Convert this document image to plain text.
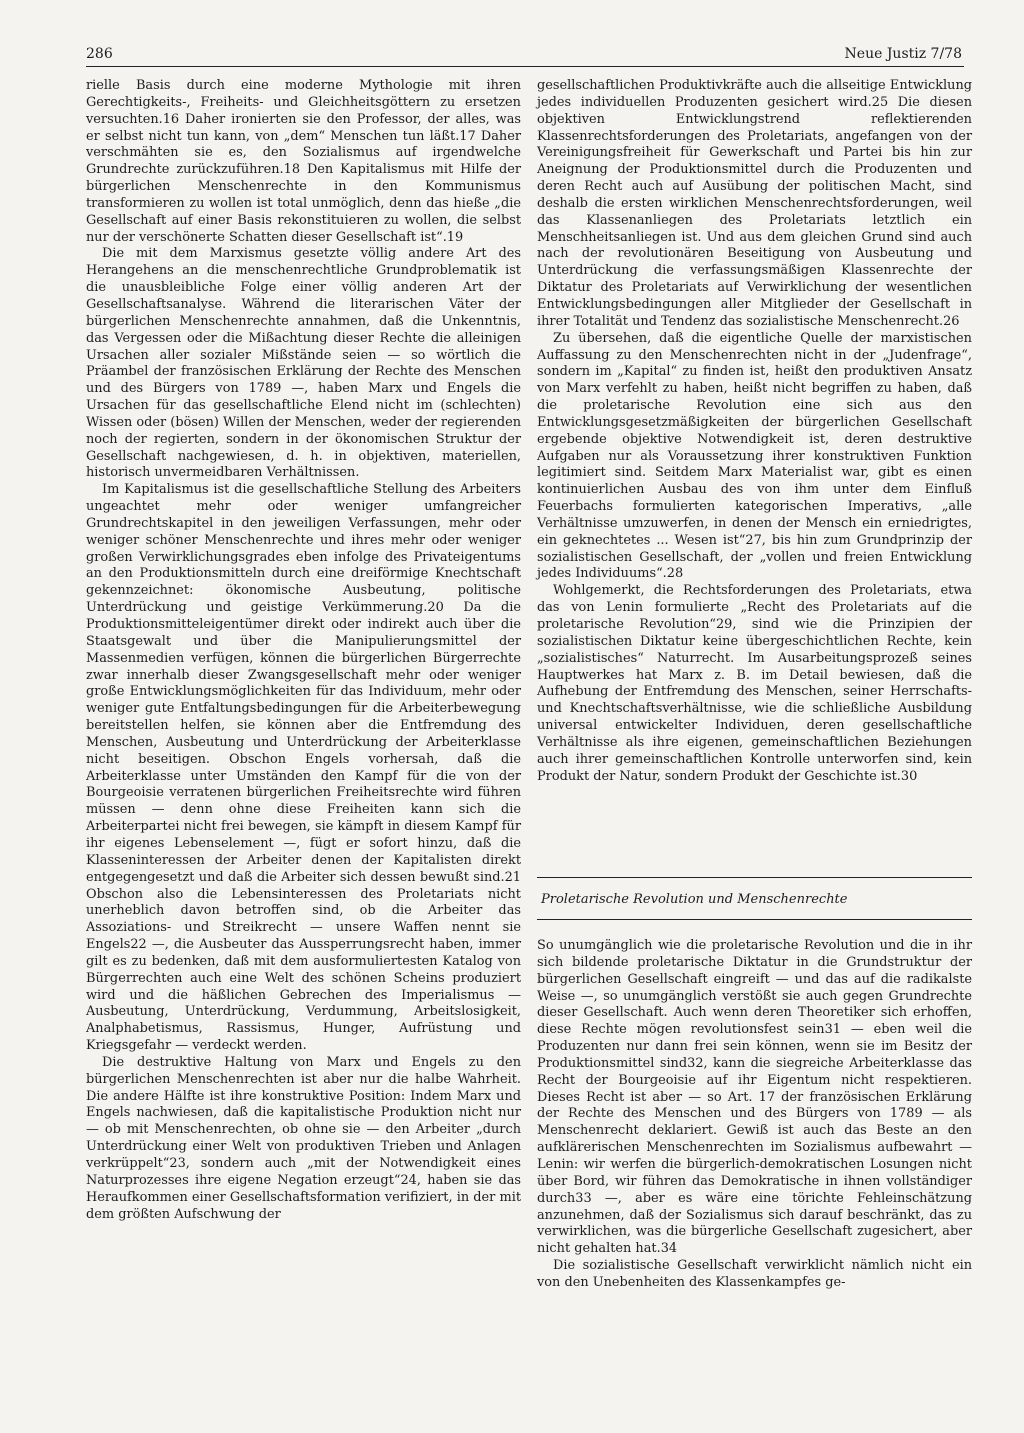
286	Neue Justiz 7/78

rielle Basis durch eine moderne Mythologie mit ihren Gerechtigkeits-, Freiheits- und Gleichheitsgöttern zu ersetzen versuchten.16 Daher ironierten sie den Professor, der alles, was er selbst nicht tun kann, von „dem“ Menschen tun läßt.17 Daher verschmähten sie es, den Sozialismus auf irgendwelche Grundrechte zurückzuführen.18 Den Kapitalismus mit Hilfe der bürgerlichen Menschenrechte in den Kommunismus transformieren zu wollen ist total unmöglich, denn das hieße „die Gesellschaft auf einer Basis rekonstituieren zu wollen, die selbst nur der verschönerte Schatten dieser Gesellschaft ist“.19

Die mit dem Marxismus gesetzte völlig andere Art des Herangehens an die menschenrechtliche Grundproblematik ist die unausbleibliche Folge einer völlig anderen Art der Gesellschaftsanalyse. Während die literarischen Väter der bürgerlichen Menschenrechte annahmen, daß die Unkenntnis, das Vergessen oder die Mißachtung dieser Rechte die alleinigen Ursachen aller sozialer Mißstände seien — so wörtlich die Präambel der französischen Erklärung der Rechte des Menschen und des Bürgers von 1789 —, haben Marx und Engels die Ursachen für das gesellschaftliche Elend nicht im (schlechten) Wissen oder (bösen) Willen der Menschen, weder der regierenden noch der regierten, sondern in der ökonomischen Struktur der Gesellschaft nachgewiesen, d. h. in objektiven, materiellen, historisch unvermeidbaren Verhältnissen.

Im Kapitalismus ist die gesellschaftliche Stellung des Arbeiters ungeachtet mehr oder weniger umfangreicher Grundrechtskapitel in den jeweiligen Verfassungen, mehr oder weniger schöner Menschenrechte und ihres mehr oder weniger großen Verwirklichungsgrades eben infolge des Privateigentums an den Produktionsmitteln durch eine dreiförmige Knechtschaft gekennzeichnet: ökonomische Ausbeutung, politische Unterdrückung und geistige Verkümmerung.20 Da die Produktionsmitteleigentümer direkt oder indirekt auch über die Staatsgewalt und über die Manipulierungsmittel der Massenmedien verfügen, können die bürgerlichen Bürgerrechte zwar innerhalb dieser Zwangsgesellschaft mehr oder weniger große Entwicklungsmöglichkeiten für das Individuum, mehr oder weniger gute Entfaltungsbedingungen für die Arbeiterbewegung bereitstellen helfen, sie können aber die Entfremdung des Menschen, Ausbeutung und Unterdrückung der Arbeiterklasse nicht beseitigen. Obschon Engels vorhersah, daß die Arbeiterklasse unter Umständen den Kampf für die von der Bourgeoisie verratenen bürgerlichen Freiheitsrechte wird führen müssen — denn ohne diese Freiheiten kann sich die Arbeiterpartei nicht frei bewegen, sie kämpft in diesem Kampf für ihr eigenes Lebenselement —, fügt er sofort hinzu, daß die Klasseninteressen der Arbeiter denen der Kapitalisten direkt entgegengesetzt und daß die Arbeiter sich dessen bewußt sind.21 Obschon also die Lebensinteressen des Proletariats nicht unerheblich davon betroffen sind, ob die Arbeiter das Assoziations- und Streikrecht — unsere Waffen nennt sie Engels22 —, die Ausbeuter das Aussperrungsrecht haben, immer gilt es zu bedenken, daß mit dem ausformuliertesten Katalog von Bürgerrechten auch eine Welt des schönen Scheins produziert wird und die häßlichen Gebrechen des Imperialismus — Ausbeutung, Unterdrückung, Verdummung, Arbeitslosigkeit, Analphabetismus, Rassismus, Hunger, Aufrüstung und Kriegsgefahr — verdeckt werden.

Die destruktive Haltung von Marx und Engels zu den bürgerlichen Menschenrechten ist aber nur die halbe Wahrheit. Die andere Hälfte ist ihre konstruktive Position: Indem Marx und Engels nachwiesen, daß die kapitalistische Produktion nicht nur — ob mit Menschenrechten, ob ohne sie — den Arbeiter „durch Unterdrückung einer Welt von produktiven Trieben und Anlagen verkrüppelt“23, sondern auch „mit der Notwendigkeit eines Naturprozesses ihre eigene Negation erzeugt“24, haben sie das Heraufkommen einer Gesellschaftsformation verifiziert, in der mit dem größten Aufschwung der

gesellschaftlichen Produktivkräfte auch die allseitige Entwicklung jedes individuellen Produzenten gesichert wird.25 Die diesen objektiven Entwicklungstrend reflektierenden Klassenrechtsforderungen des Proletariats, angefangen von der Vereinigungsfreiheit für Gewerkschaft und Partei bis hin zur Aneignung der Produktionsmittel durch die Produzenten und deren Recht auch auf Ausübung der politischen Macht, sind deshalb die ersten wirklichen Menschenrechtsforderungen, weil das Klassenanliegen des Proletariats letztlich ein Menschheitsanliegen ist. Und aus dem gleichen Grund sind auch nach der revolutionären Beseitigung von Ausbeutung und Unterdrückung die verfassungsmäßigen Klassenrechte der Diktatur des Proletariats auf Verwirklichung der wesentlichen Entwicklungsbedingungen aller Mitglieder der Gesellschaft in ihrer Totalität und Tendenz das sozialistische Menschenrecht.26

Zu übersehen, daß die eigentliche Quelle der marxistischen Auffassung zu den Menschenrechten nicht in der „Judenfrage“, sondern im „Kapital“ zu finden ist, heißt den produktiven Ansatz von Marx verfehlt zu haben, heißt nicht begriffen zu haben, daß die proletarische Revolution eine sich aus den Entwicklungsgesetzmäßigkeiten der bürgerlichen Gesellschaft ergebende objektive Notwendigkeit ist, deren destruktive Aufgaben nur als Voraussetzung ihrer konstruktiven Funktion legitimiert sind. Seitdem Marx Materialist war, gibt es einen kontinuierlichen Ausbau des von ihm unter dem Einfluß Feuerbachs formulierten kategorischen Imperativs, „alle Verhältnisse umzuwerfen, in denen der Mensch ein erniedrigtes, ein geknechtetes ... Wesen ist“27, bis hin zum Grundprinzip der sozialistischen Gesellschaft, der „vollen und freien Entwicklung jedes Individuums“.28

Wohlgemerkt, die Rechtsforderungen des Proletariats, etwa das von Lenin formulierte „Recht des Proletariats auf die proletarische Revolution“29, sind wie die Prinzipien der sozialistischen Diktatur keine übergeschichtlichen Rechte, kein „sozialistisches“ Naturrecht. Im Ausarbeitungsprozeß seines Hauptwerkes hat Marx z. B. im Detail bewiesen, daß die Aufhebung der Entfremdung des Menschen, seiner Herrschafts- und Knechtschaftsverhältnisse, wie die schließliche Ausbildung universal entwickelter Individuen, deren gesellschaftliche Verhältnisse als ihre eigenen, gemeinschaftlichen Beziehungen auch ihrer gemeinschaftlichen Kontrolle unterworfen sind, kein Produkt der Natur, sondern Produkt der Geschichte ist.30

Proletarische Revolution und Menschenrechte

So unumgänglich wie die proletarische Revolution und die in ihr sich bildende proletarische Diktatur in die Grundstruktur der bürgerlichen Gesellschaft eingreift — und das auf die radikalste Weise —, so unumgänglich verstößt sie auch gegen Grundrechte dieser Gesellschaft. Auch wenn deren Theoretiker sich erhoffen, diese Rechte mögen revolutionsfest sein31 — eben weil die Produzenten nur dann frei sein können, wenn sie im Besitz der Produktionsmittel sind32, kann die siegreiche Arbeiterklasse das Recht der Bourgeoisie auf ihr Eigentum nicht respektieren. Dieses Recht ist aber — so Art. 17 der französischen Erklärung der Rechte des Menschen und des Bürgers von 1789 — als Menschenrecht deklariert. Gewiß ist auch das Beste an den aufklärerischen Menschenrechten im Sozialismus aufbewahrt — Lenin: wir werfen die bürgerlich-demokratischen Losungen nicht über Bord, wir führen das Demokratische in ihnen vollständiger durch33 —, aber es wäre eine törichte Fehleinschätzung anzunehmen, daß der Sozialismus sich darauf beschränkt, das zu verwirklichen, was die bürgerliche Gesellschaft zugesichert, aber nicht gehalten hat.34

Die sozialistische Gesellschaft verwirklicht nämlich nicht ein von den Unebenheiten des Klassenkampfes ge-
